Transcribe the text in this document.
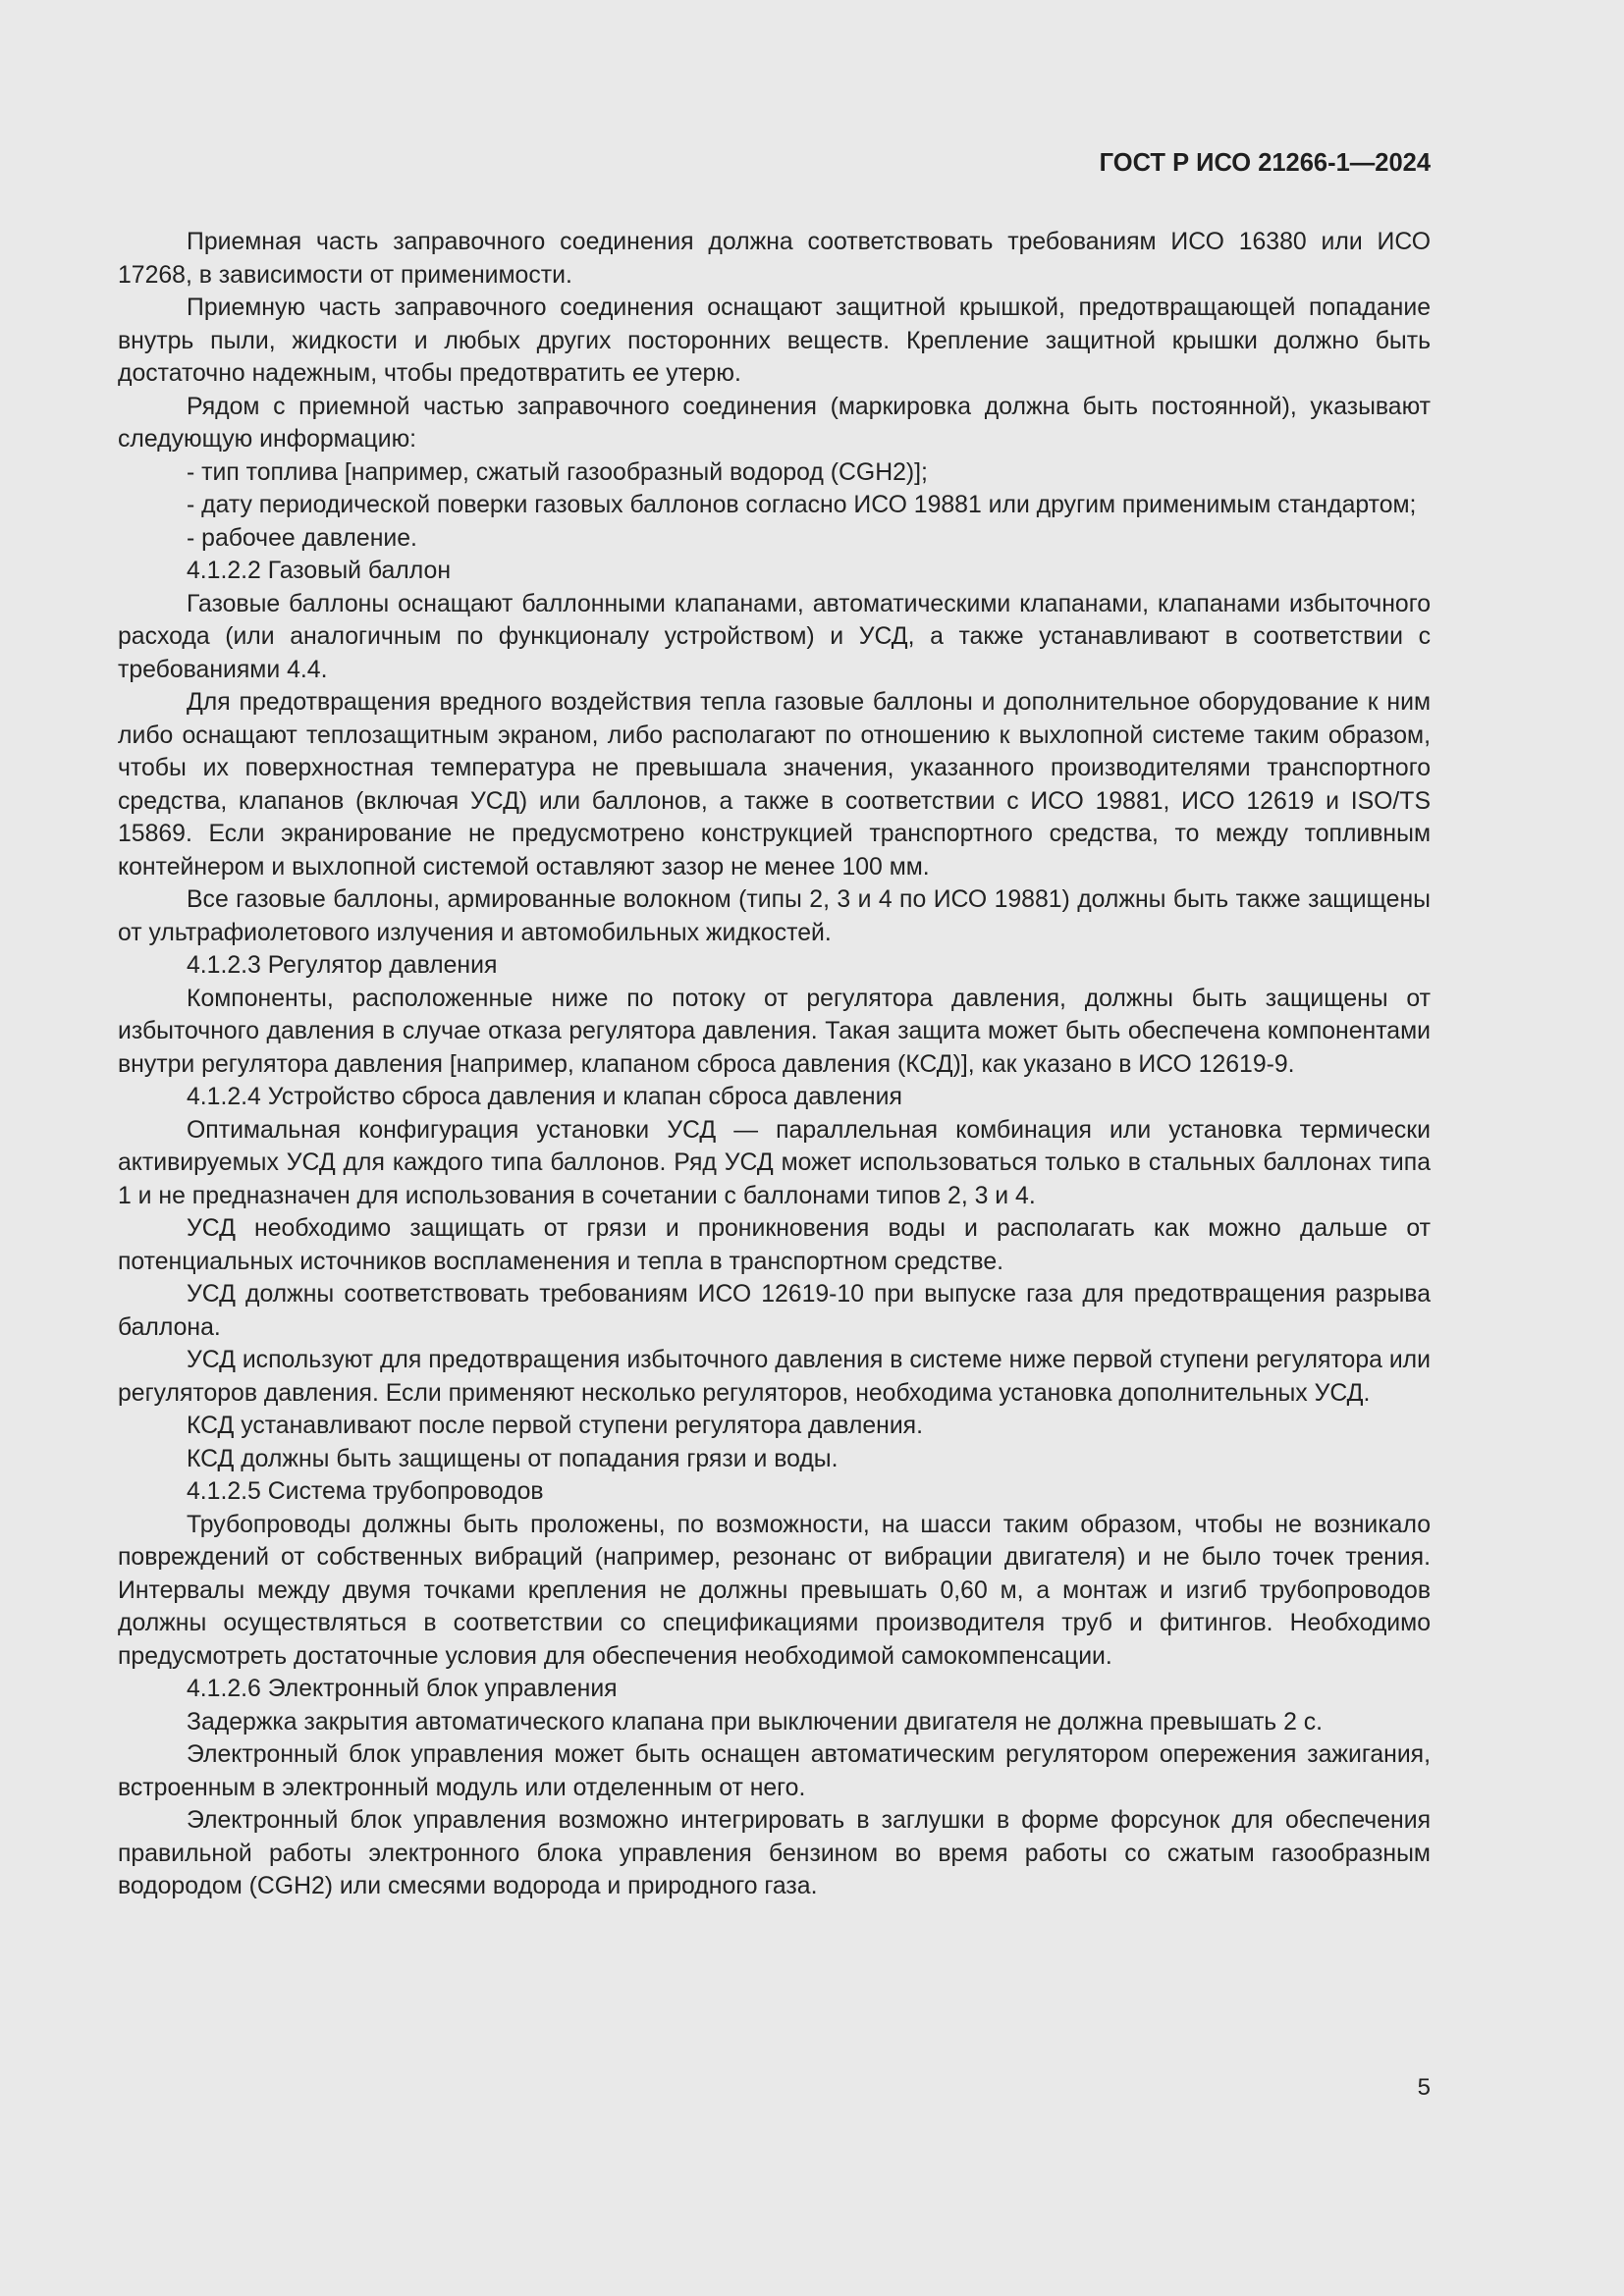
ГОСТ Р ИСО 21266-1—2024

Приемная часть заправочного соединения должна соответствовать требованиям ИСО 16380 или ИСО 17268, в зависимости от применимости.

Приемную часть заправочного соединения оснащают защитной крышкой, предотвращающей попадание внутрь пыли, жидкости и любых других посторонних веществ. Крепление защитной крышки должно быть достаточно надежным, чтобы предотвратить ее утерю.

Рядом с приемной частью заправочного соединения (маркировка должна быть постоянной), указывают следующую информацию:

- тип топлива [например, сжатый газообразный водород (CGH2)];

- дату периодической поверки газовых баллонов согласно ИСО 19881 или другим применимым стандартом;

- рабочее давление.

4.1.2.2 Газовый баллон

Газовые баллоны оснащают баллонными клапанами, автоматическими клапанами, клапанами избыточного расхода (или аналогичным по функционалу устройством) и УСД, а также устанавливают в соответствии с требованиями 4.4.

Для предотвращения вредного воздействия тепла газовые баллоны и дополнительное оборудование к ним либо оснащают теплозащитным экраном, либо располагают по отношению к выхлопной системе таким образом, чтобы их поверхностная температура не превышала значения, указанного производителями транспортного средства, клапанов (включая УСД) или баллонов, а также в соответствии с ИСО 19881, ИСО 12619 и ISO/TS 15869. Если экранирование не предусмотрено конструкцией транспортного средства, то между топливным контейнером и выхлопной системой оставляют зазор не менее 100 мм.

Все газовые баллоны, армированные волокном (типы 2, 3 и 4 по ИСО 19881) должны быть также защищены от ультрафиолетового излучения и автомобильных жидкостей.

4.1.2.3 Регулятор давления

Компоненты, расположенные ниже по потоку от регулятора давления, должны быть защищены от избыточного давления в случае отказа регулятора давления. Такая защита может быть обеспечена компонентами внутри регулятора давления [например, клапаном сброса давления (КСД)], как указано в ИСО 12619-9.

4.1.2.4 Устройство сброса давления и клапан сброса давления

Оптимальная конфигурация установки УСД — параллельная комбинация или установка термически активируемых УСД для каждого типа баллонов. Ряд УСД может использоваться только в стальных баллонах типа 1 и не предназначен для использования в сочетании с баллонами типов 2, 3 и 4.

УСД необходимо защищать от грязи и проникновения воды и располагать как можно дальше от потенциальных источников воспламенения и тепла в транспортном средстве.

УСД должны соответствовать требованиям ИСО 12619-10 при выпуске газа для предотвращения разрыва баллона.

УСД используют для предотвращения избыточного давления в системе ниже первой ступени регулятора или регуляторов давления. Если применяют несколько регуляторов, необходима установка дополнительных УСД.

КСД устанавливают после первой ступени регулятора давления.

КСД должны быть защищены от попадания грязи и воды.

4.1.2.5 Система трубопроводов

Трубопроводы должны быть проложены, по возможности, на шасси таким образом, чтобы не возникало повреждений от собственных вибраций (например, резонанс от вибрации двигателя) и не было точек трения. Интервалы между двумя точками крепления не должны превышать 0,60 м, а монтаж и изгиб трубопроводов должны осуществляться в соответствии со спецификациями производителя труб и фитингов. Необходимо предусмотреть достаточные условия для обеспечения необходимой самокомпенсации.

4.1.2.6 Электронный блок управления

Задержка закрытия автоматического клапана при выключении двигателя не должна превышать 2 с.

Электронный блок управления может быть оснащен автоматическим регулятором опережения зажигания, встроенным в электронный модуль или отделенным от него.

Электронный блок управления возможно интегрировать в заглушки в форме форсунок для обеспечения правильной работы электронного блока управления бензином во время работы со сжатым газообразным водородом (CGH2) или смесями водорода и природного газа.

5
